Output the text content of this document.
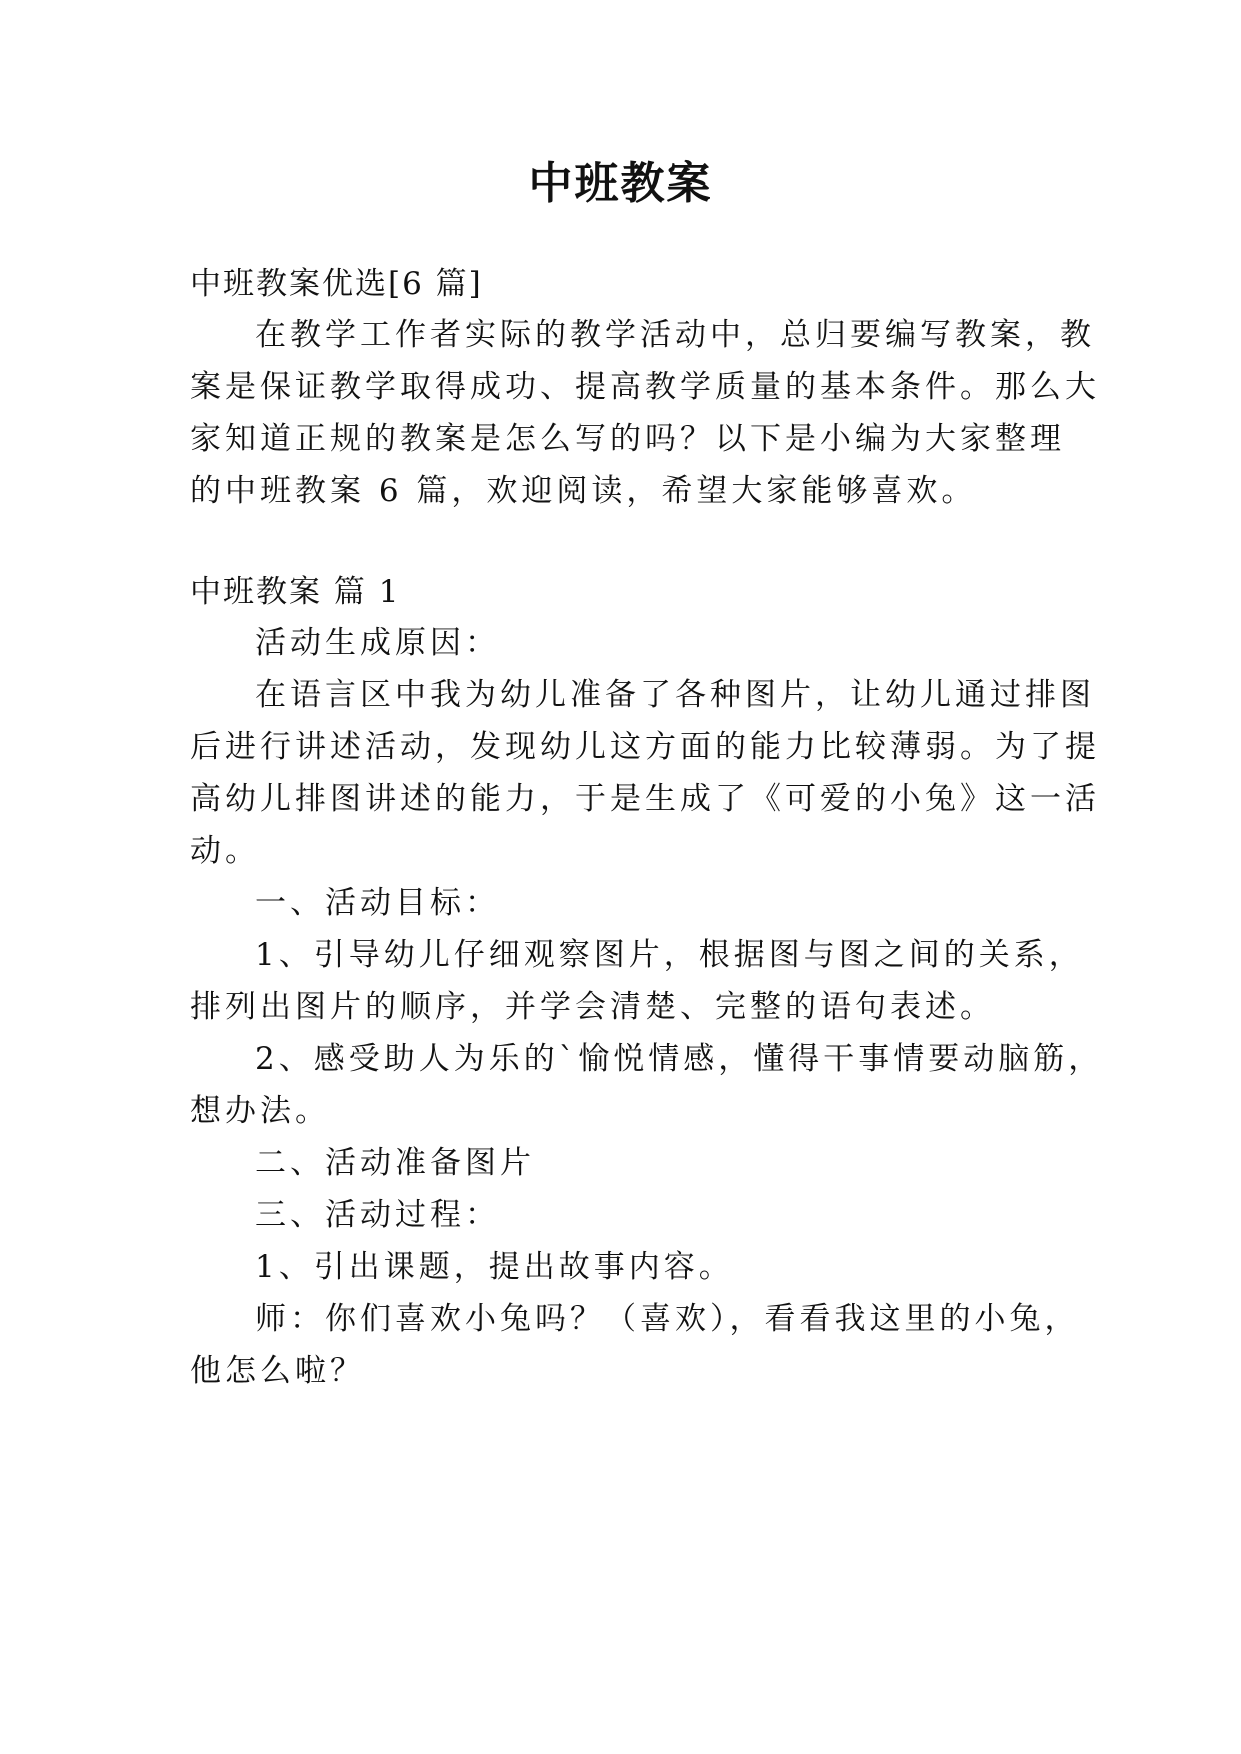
中班教案

中班教案优选[6 篇]

在教学工作者实际的教学活动中，总归要编写教案，教

案是保证教学取得成功、提高教学质量的基本条件。那么大

家知道正规的教案是怎么写的吗？以下是小编为大家整理

的中班教案 6 篇，欢迎阅读，希望大家能够喜欢。

中班教案 篇 1

活动生成原因：

在语言区中我为幼儿准备了各种图片，让幼儿通过排图

后进行讲述活动，发现幼儿这方面的能力比较薄弱。为了提

高幼儿排图讲述的能力，于是生成了《可爱的小兔》这一活

动。

一、活动目标：

1、引导幼儿仔细观察图片，根据图与图之间的关系，

排列出图片的顺序，并学会清楚、完整的语句表述。

2、感受助人为乐的`愉悦情感，懂得干事情要动脑筋，

想办法。

二、活动准备图片

三、活动过程：

1、引出课题，提出故事内容。

师：你们喜欢小兔吗？（喜欢），看看我这里的小兔，

他怎么啦？
